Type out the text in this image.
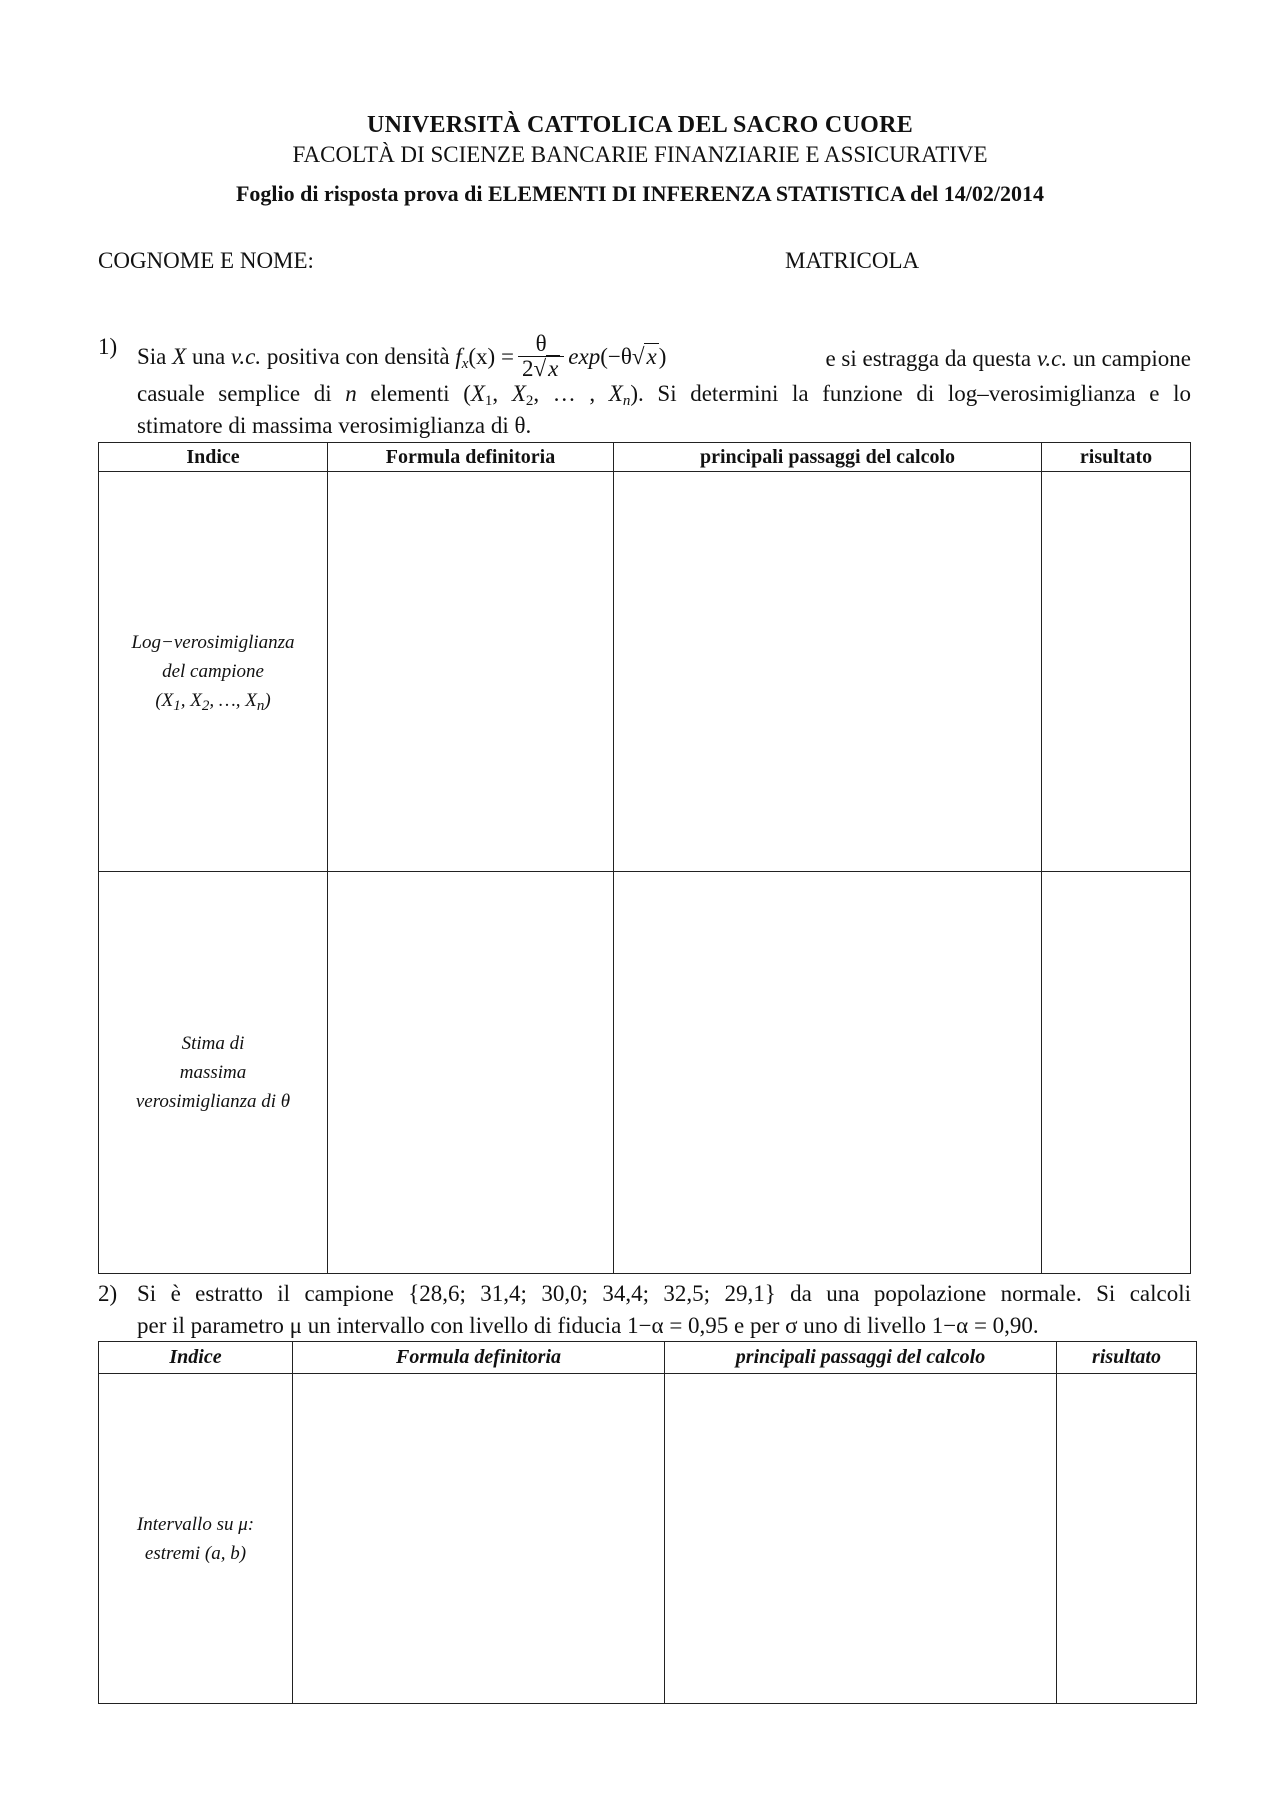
UNIVERSITÀ CATTOLICA DEL SACRO CUORE
FACOLTÀ DI SCIENZE BANCARIE FINANZIARIE E ASSICURATIVE
Foglio di risposta prova di ELEMENTI DI INFERENZA STATISTICA del 14/02/2014
COGNOME E NOME:	MATRICOLA
1) Sia X una v.c. positiva con densità $f_x(x) = \frac{\theta}{2√x} \exp(-\theta√x)$	e si estragga da questa v.c. un campione
casuale semplice di n elementi ($X_1$, $X_2$, … , $X_n$). Si determini la funzione di log–verosimiglianza e lo
stimatore di massima verosimiglianza di θ.
Indice	Formula definitoria	principali passaggi del calcolo	risultato

Log−verosimiglianza
del campione
($X_1$, $X_2$, …, $X_n$)			

Stima di
massima
verosimiglianza di θ			

2) Si è estratto il campione {28,6; 31,4; 30,0; 34,4; 32,5; 29,1} da una popolazione normale. Si calcoli
per il parametro μ un intervallo con livello di fiducia 1−α = 0,95 e per σ uno di livello 1−α = 0,90.
Indice	Formula definitoria	principali passaggi del calcolo	risultato

Intervallo su μ:
estremi (a, b)			
